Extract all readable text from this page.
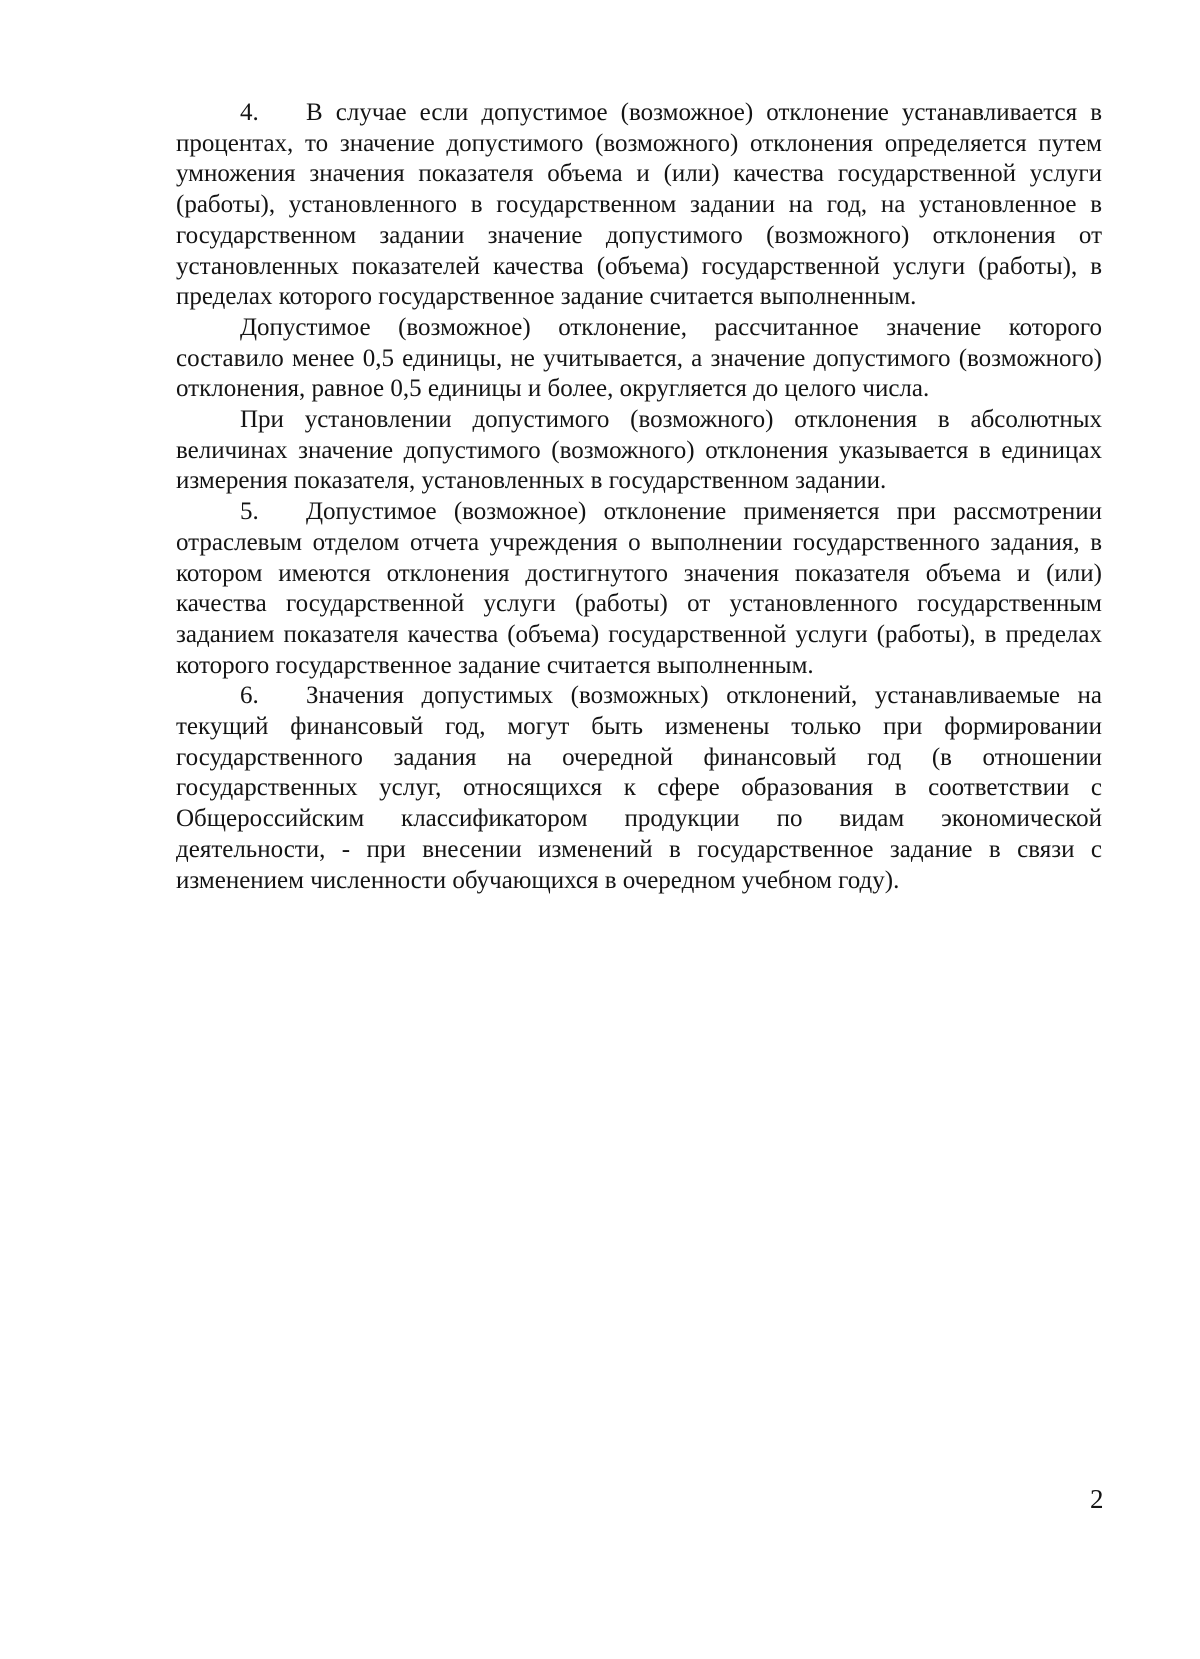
4. В случае если допустимое (возможное) отклонение устанавливается в процентах, то значение допустимого (возможного) отклонения определяется путем умножения значения показателя объема и (или) качества государственной услуги (работы), установленного в государственном задании на год, на установленное в государственном задании значение допустимого (возможного) отклонения от установленных показателей качества (объема) государственной услуги (работы), в пределах которого государственное задание считается выполненным.

Допустимое (возможное) отклонение, рассчитанное значение которого составило менее 0,5 единицы, не учитывается, а значение допустимого (возможного) отклонения, равное 0,5 единицы и более, округляется до целого числа.

При установлении допустимого (возможного) отклонения в абсолютных величинах значение допустимого (возможного) отклонения указывается в единицах измерения показателя, установленных в государственном задании.

5. Допустимое (возможное) отклонение применяется при рассмотрении отраслевым отделом отчета учреждения о выполнении государственного задания, в котором имеются отклонения достигнутого значения показателя объема и (или) качества государственной услуги (работы) от установленного государственным заданием показателя качества (объема) государственной услуги (работы), в пределах которого государственное задание считается выполненным.

6. Значения допустимых (возможных) отклонений, устанавливаемые на текущий финансовый год, могут быть изменены только при формировании государственного задания на очередной финансовый год (в отношении государственных услуг, относящихся к сфере образования в соответствии с Общероссийским классификатором продукции по видам экономической деятельности, - при внесении изменений в государственное задание в связи с изменением численности обучающихся в очередном учебном году).

2
